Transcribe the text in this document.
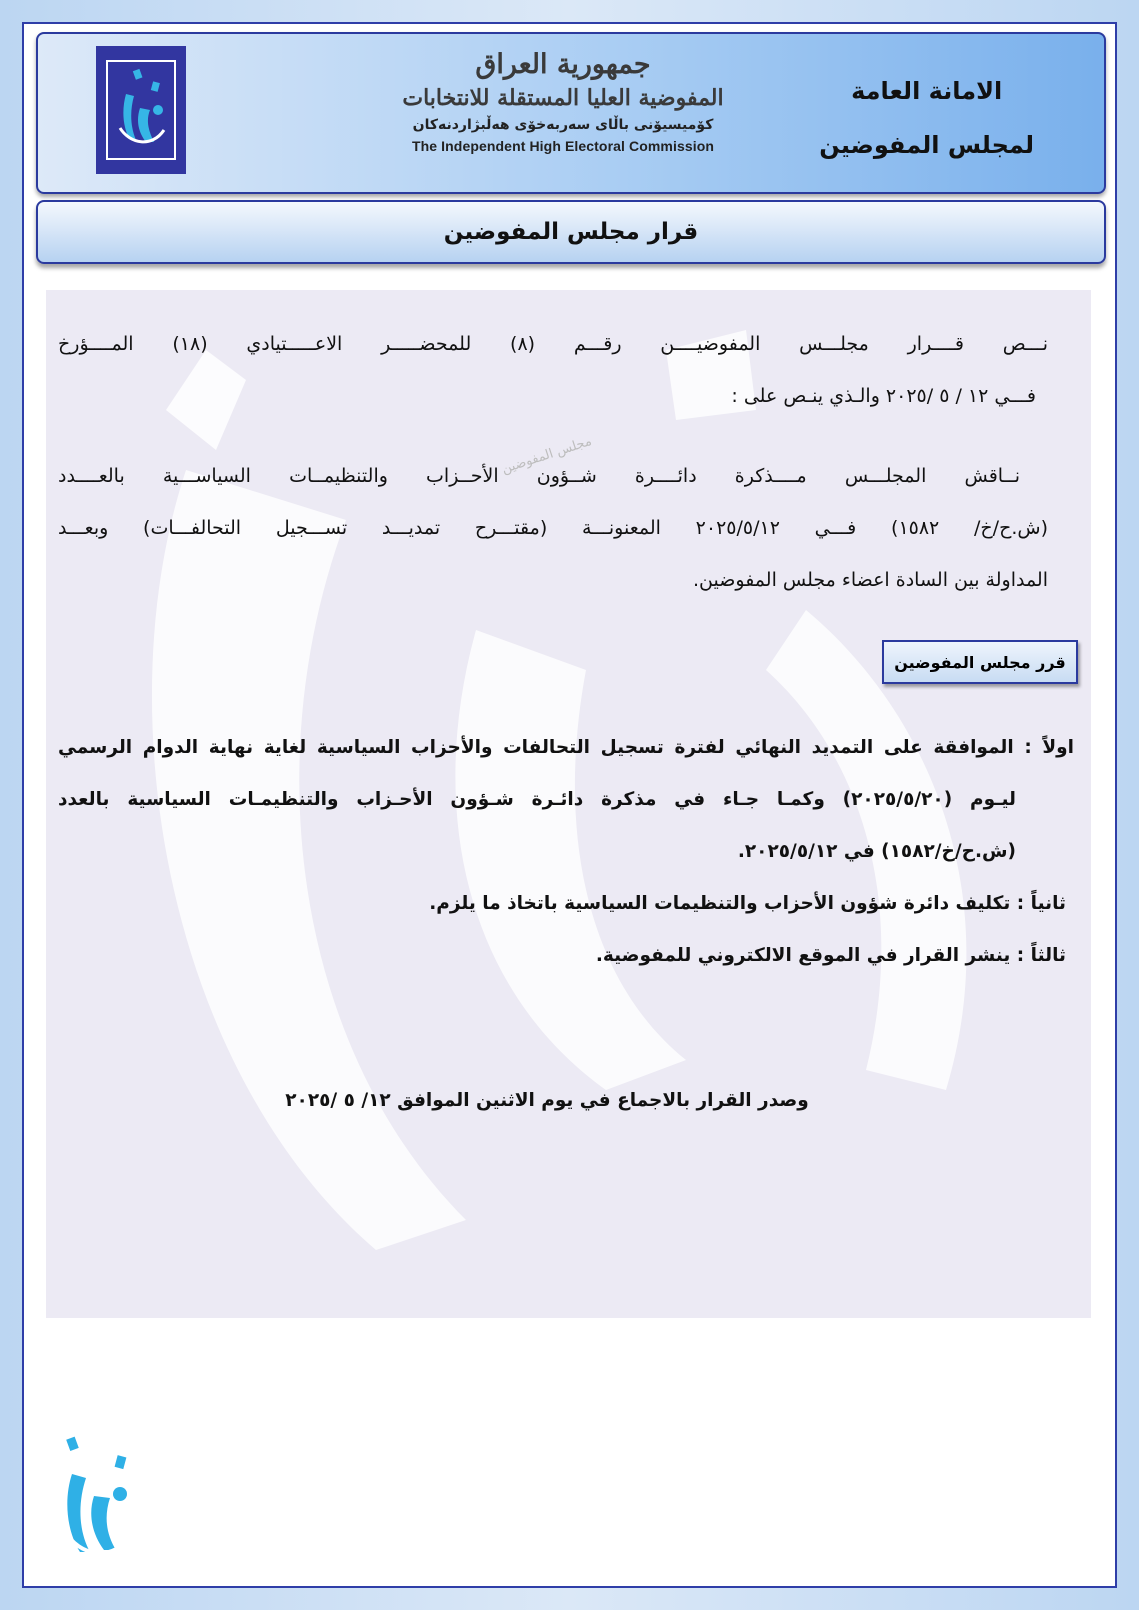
جمهورية العراق
المفوضية العليا المستقلة للانتخابات
كۆمیسیۆنی باڵای سەربەخۆی هەڵبژاردنەکان
The Independent High Electoral Commission
الامانة العامة
لمجلس المفوضين
قرار مجلس المفوضين
مجلس المفوضين
نـــص قــــرار مجلـــس المفوضيــــن رقـــم (٨) للمحضـــــر الاعـــــتيادي (١٨) المــــؤرخ
فـــي ١٢ / ٥ /٢٠٢٥ والـذي ينـص على :
نــاقش المجلـــس مــــذكرة دائــــرة شــؤون الأحــزاب والتنظيمــات السياســـية بالعــــدد
(ش.ح/خ/ ١٥٨٢) فـــي ٢٠٢٥/٥/١٢ المعنونـــة (مقتـــرح تمديـــد تســـجيل التحالفـــات) وبعـــد
المداولة بين السادة اعضاء مجلس المفوضين.
قرر مجلس المفوضين
اولاً : الموافقة على التمديد النهائي لفترة تسجيل التحالفات والأحزاب السياسية لغاية نهاية الدوام الرسمي
ليـوم (٢٠٢٥/٥/٢٠) وكمـا جـاء في مذكرة دائـرة شـؤون الأحـزاب والتنظيمـات السياسية بالعدد
(ش.ح/خ/١٥٨٢) في ٢٠٢٥/٥/١٢.
ثانياً : تكليف دائرة شؤون الأحزاب والتنظيمات السياسية باتخاذ ما يلزم.
ثالثاً : ينشر القرار في الموقع الالكتروني للمفوضية.
وصدر القرار بالاجماع في يوم الاثنين الموافق ١٢/ ٥ /٢٠٢٥
